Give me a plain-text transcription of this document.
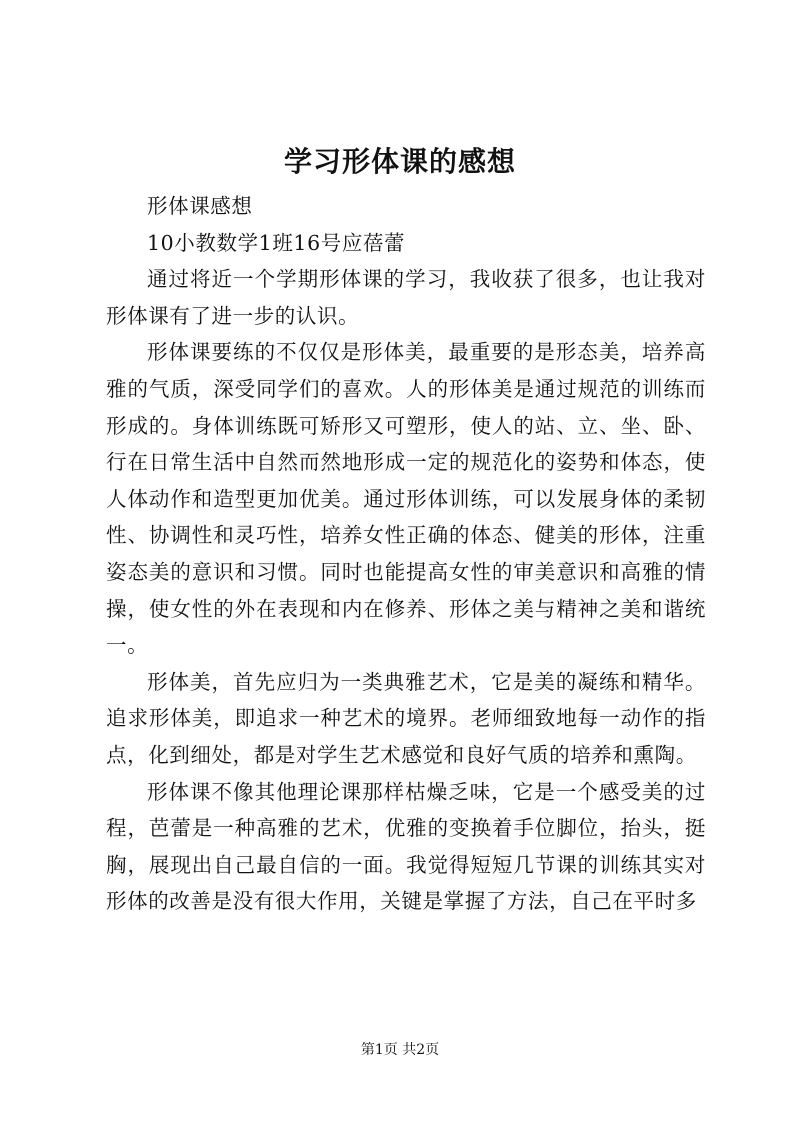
学习形体课的感想

形体课感想

10小教数学1班16号应蓓蕾

通过将近一个学期形体课的学习，我收获了很多，也让我对形体课有了进一步的认识。

形体课要练的不仅仅是形体美，最重要的是形态美，培养高雅的气质，深受同学们的喜欢。人的形体美是通过规范的训练而形成的。身体训练既可矫形又可塑形，使人的站、立、坐、卧、行在日常生活中自然而然地形成一定的规范化的姿势和体态，使人体动作和造型更加优美。通过形体训练，可以发展身体的柔韧性、协调性和灵巧性，培养女性正确的体态、健美的形体，注重姿态美的意识和习惯。同时也能提高女性的审美意识和高雅的情操，使女性的外在表现和内在修养、形体之美与精神之美和谐统一。

形体美，首先应归为一类典雅艺术，它是美的凝练和精华。追求形体美，即追求一种艺术的境界。老师细致地每一动作的指点，化到细处，都是对学生艺术感觉和良好气质的培养和熏陶。

形体课不像其他理论课那样枯燥乏味，它是一个感受美的过程，芭蕾是一种高雅的艺术，优雅的变换着手位脚位，抬头，挺胸，展现出自己最自信的一面。我觉得短短几节课的训练其实对形体的改善是没有很大作用，关键是掌握了方法，自己在平时多

第1页 共2页
